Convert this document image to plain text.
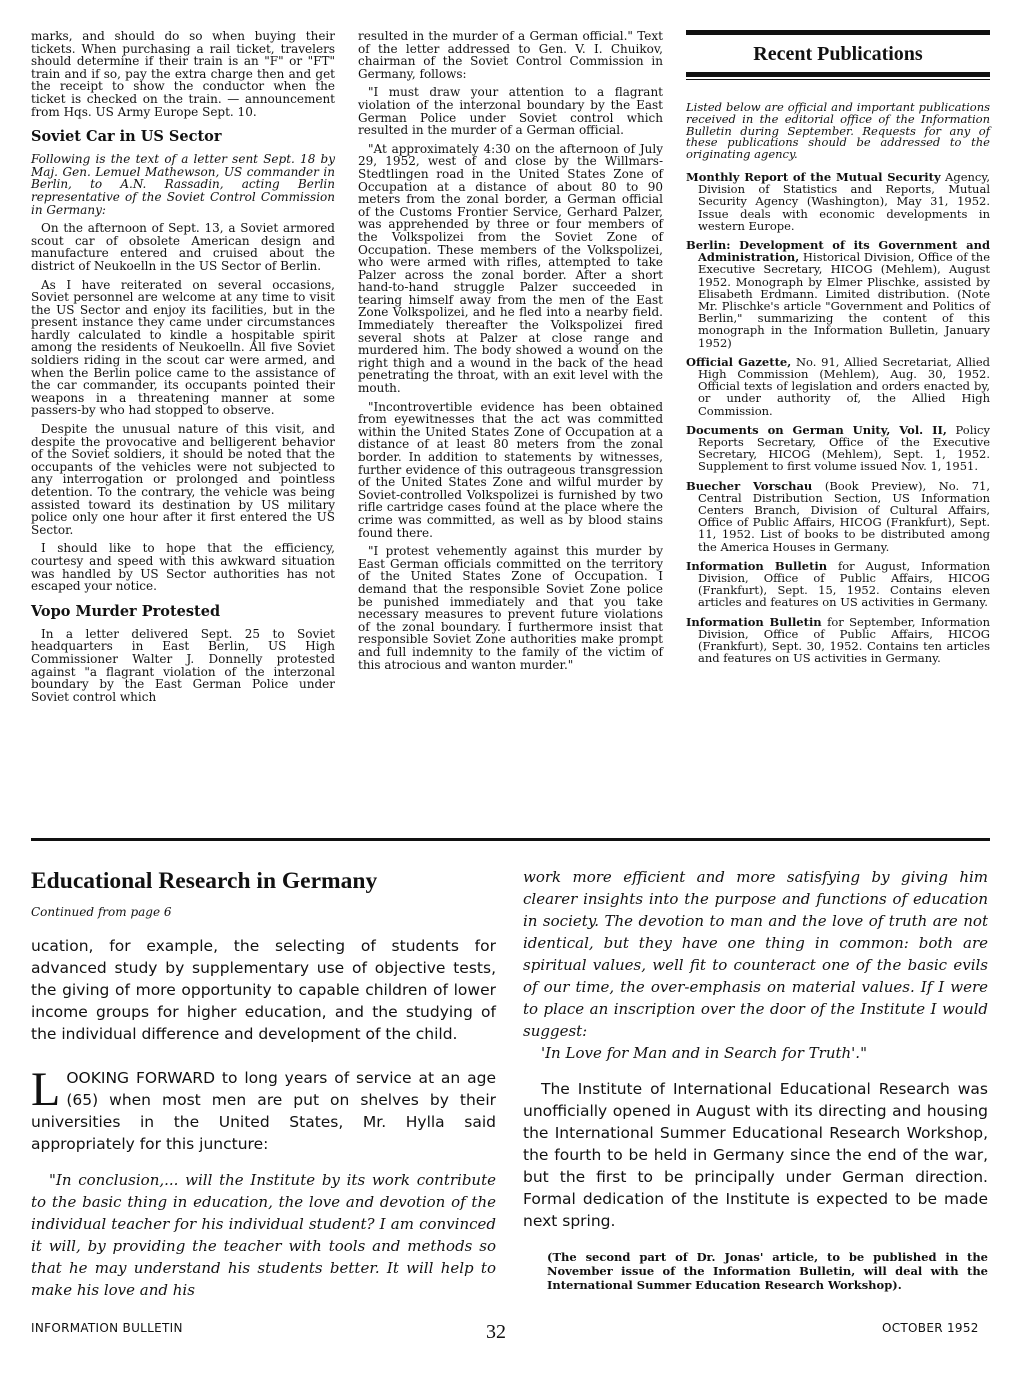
marks, and should do so when buying their tickets. When purchasing a rail ticket, travelers should determine if their train is an "F" or "FT" train and if so, pay the extra charge then and get the receipt to show the conductor when the ticket is checked on the train. — announcement from Hqs. US Army Europe Sept. 10.

Soviet Car in US Sector

Following is the text of a letter sent Sept. 18 by Maj. Gen. Lemuel Mathewson, US commander in Berlin, to A.N. Rassadin, acting Berlin representative of the Soviet Control Commission in Germany:

On the afternoon of Sept. 13, a Soviet armored scout car of obsolete American design and manufacture entered and cruised about the district of Neukoelln in the US Sector of Berlin.

As I have reiterated on several occasions, Soviet personnel are welcome at any time to visit the US Sector and enjoy its facilities, but in the present instance they came under circumstances hardly calculated to kindle a hospitable spirit among the residents of Neukoelln. All five Soviet soldiers riding in the scout car were armed, and when the Berlin police came to the assistance of the car commander, its occupants pointed their weapons in a threatening manner at some passers-by who had stopped to observe.

Despite the unusual nature of this visit, and despite the provocative and belligerent behavior of the Soviet soldiers, it should be noted that the occupants of the vehicles were not subjected to any interrogation or prolonged and pointless detention. To the contrary, the vehicle was being assisted toward its destination by US military police only one hour after it first entered the US Sector.

I should like to hope that the efficiency, courtesy and speed with this awkward situation was handled by US Sector authorities has not escaped your notice.

Vopo Murder Protested

In a letter delivered Sept. 25 to Soviet headquarters in East Berlin, US High Commissioner Walter J. Donnelly protested against "a flagrant violation of the interzonal boundary by the East German Police under Soviet control which

resulted in the murder of a German official." Text of the letter addressed to Gen. V. I. Chuikov, chairman of the Soviet Control Commission in Germany, follows:

"I must draw your attention to a flagrant violation of the interzonal boundary by the East German Police under Soviet control which resulted in the murder of a German official.

"At approximately 4:30 on the afternoon of July 29, 1952, west of and close by the Willmars-Stedtlingen road in the United States Zone of Occupation at a distance of about 80 to 90 meters from the zonal border, a German official of the Customs Frontier Service, Gerhard Palzer, was apprehended by three or four members of the Volkspolizei from the Soviet Zone of Occupation. These members of the Volkspolizei, who were armed with rifles, attempted to take Palzer across the zonal border. After a short hand-to-hand struggle Palzer succeeded in tearing himself away from the men of the East Zone Volkspolizei, and he fled into a nearby field. Immediately thereafter the Volkspolizei fired several shots at Palzer at close range and murdered him. The body showed a wound on the right thigh and a wound in the back of the head penetrating the throat, with an exit level with the mouth.

"Incontrovertible evidence has been obtained from eyewitnesses that the act was committed within the United States Zone of Occupation at a distance of at least 80 meters from the zonal border. In addition to statements by witnesses, further evidence of this outrageous transgression of the United States Zone and wilful murder by Soviet-controlled Volkspolizei is furnished by two rifle cartridge cases found at the place where the crime was committed, as well as by blood stains found there.

"I protest vehemently against this murder by East German officials committed on the territory of the United States Zone of Occupation. I demand that the responsible Soviet Zone police be punished immediately and that you take necessary measures to prevent future violations of the zonal boundary. I furthermore insist that responsible Soviet Zone authorities make prompt and full indemnity to the family of the victim of this atrocious and wanton murder."

Recent Publications

Listed below are official and important publications received in the editorial office of the Information Bulletin during September. Requests for any of these publications should be addressed to the originating agency.

Monthly Report of the Mutual Security Agency, Division of Statistics and Reports, Mutual Security Agency (Washington), May 31, 1952. Issue deals with economic developments in western Europe.

Berlin: Development of its Government and Administration, Historical Division, Office of the Executive Secretary, HICOG (Mehlem), August 1952. Monograph by Elmer Plischke, assisted by Elisabeth Erdmann. Limited distribution. (Note Mr. Plischke's article "Government and Politics of Berlin," summarizing the content of this monograph in the Information Bulletin, January 1952)

Official Gazette, No. 91, Allied Secretariat, Allied High Commission (Mehlem), Aug. 30, 1952. Official texts of legislation and orders enacted by, or under authority of, the Allied High Commission.

Documents on German Unity, Vol. II, Policy Reports Secretary, Office of the Executive Secretary, HICOG (Mehlem), Sept. 1, 1952. Supplement to first volume issued Nov. 1, 1951.

Buecher Vorschau (Book Preview), No. 71, Central Distribution Section, US Information Centers Branch, Division of Cultural Affairs, Office of Public Affairs, HICOG (Frankfurt), Sept. 11, 1952. List of books to be distributed among the America Houses in Germany.

Information Bulletin for August, Information Division, Office of Public Affairs, HICOG (Frankfurt), Sept. 15, 1952. Contains eleven articles and features on US activities in Germany.

Information Bulletin for September, Information Division, Office of Public Affairs, HICOG (Frankfurt), Sept. 30, 1952. Contains ten articles and features on US activities in Germany.

Educational Research in Germany

Continued from page 6

ucation, for example, the selecting of students for advanced study by supplementary use of objective tests, the giving of more opportunity to capable children of lower income groups for higher education, and the studying of the individual difference and development of the child.

LOOKING FORWARD to long years of service at an age (65) when most men are put on shelves by their universities in the United States, Mr. Hylla said appropriately for this juncture:

"In conclusion,... will the Institute by its work contribute to the basic thing in education, the love and devotion of the individual teacher for his individual student? I am convinced it will, by providing the teacher with tools and methods so that he may understand his students better. It will help to make his love and his

work more efficient and more satisfying by giving him clearer insights into the purpose and functions of education in society. The devotion to man and the love of truth are not identical, but they have one thing in common: both are spiritual values, well fit to counteract one of the basic evils of our time, the over-emphasis on material values. If I were to place an inscription over the door of the Institute I would suggest:

'In Love for Man and in Search for Truth'."

The Institute of International Educational Research was unofficially opened in August with its directing and housing the International Summer Educational Research Workshop, the fourth to be held in Germany since the end of the war, but the first to be principally under German direction. Formal dedication of the Institute is expected to be made next spring.

(The second part of Dr. Jonas' article, to be published in the November issue of the Information Bulletin, will deal with the International Summer Education Research Workshop).

INFORMATION BULLETIN	32	OCTOBER 1952
